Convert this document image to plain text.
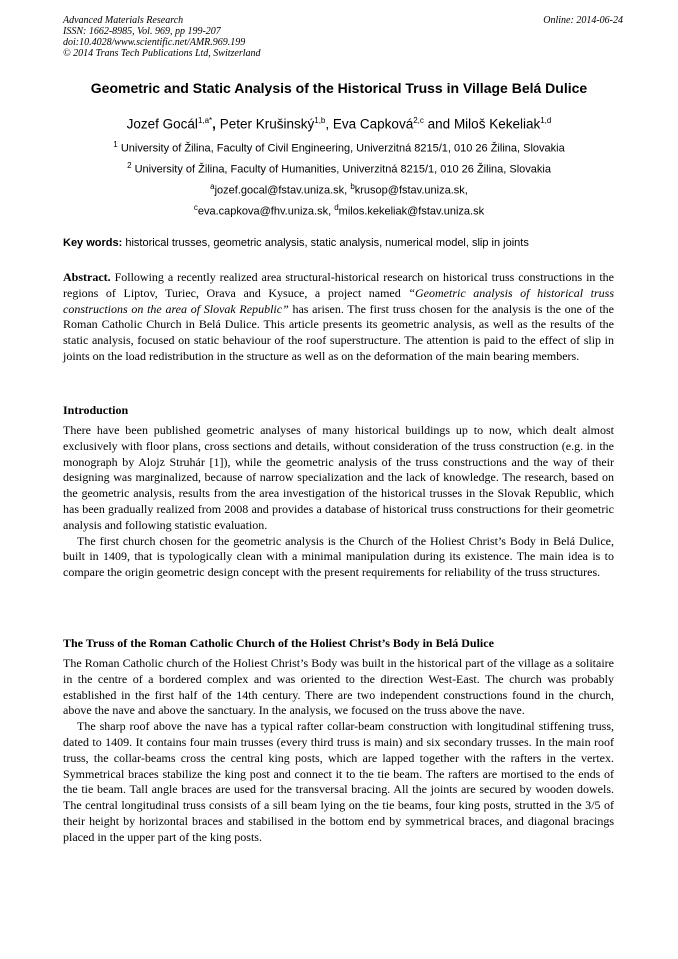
Advanced Materials Research
ISSN: 1662-8985, Vol. 969, pp 199-207
doi:10.4028/www.scientific.net/AMR.969.199
© 2014 Trans Tech Publications Ltd, Switzerland
Online: 2014-06-24
Geometric and Static Analysis of the Historical Truss in Village Belá Dulice
Jozef Gocál$^{1,a*}$, Peter Krušinský$^{1,b}$, Eva Capková$^{2,c}$ and Miloš Kekeliak$^{1,d}$
$^1$ University of Žilina, Faculty of Civil Engineering, Univerzitná 8215/1, 010 26 Žilina, Slovakia
$^2$ University of Žilina, Faculty of Humanities, Univerzitná 8215/1, 010 26 Žilina, Slovakia
$^a$jozef.gocal@fstav.uniza.sk, $^b$krusop@fstav.uniza.sk,
$^c$eva.capkova@fhv.uniza.sk, $^d$milos.kekeliak@fstav.uniza.sk
Key words: historical trusses, geometric analysis, static analysis, numerical model, slip in joints

Abstract. Following a recently realized area structural-historical research on historical truss constructions in the regions of Liptov, Turiec, Orava and Kysuce, a project named “Geometric analysis of historical truss constructions on the area of Slovak Republic” has arisen. The first truss chosen for the analysis is the one of the Roman Catholic Church in Belá Dulice. This article presents its geometric analysis, as well as the results of the static analysis, focused on static behaviour of the roof superstructure. The attention is paid to the effect of slip in joints on the load redistribution in the structure as well as on the deformation of the main bearing members.

Introduction

There have been published geometric analyses of many historical buildings up to now, which dealt almost exclusively with floor plans, cross sections and details, without consideration of the truss construction (e.g. in the monograph by Alojz Struhár [1]), while the geometric analysis of the truss constructions and the way of their designing was marginalized, because of narrow specialization and the lack of knowledge. The research, based on the geometric analysis, results from the area investigation of the historical trusses in the Slovak Republic, which has been gradually realized from 2008 and provides a database of historical truss constructions for their geometric analysis and following statistic evaluation.

The first church chosen for the geometric analysis is the Church of the Holiest Christ’s Body in Belá Dulice, built in 1409, that is typologically clean with a minimal manipulation during its existence. The main idea is to compare the origin geometric design concept with the present requirements for reliability of the truss structures.

The Truss of the Roman Catholic Church of the Holiest Christ’s Body in Belá Dulice

The Roman Catholic church of the Holiest Christ’s Body was built in the historical part of the village as a solitaire in the centre of a bordered complex and was oriented to the direction West-East. The church was probably established in the first half of the 14th century. There are two independent constructions found in the church, above the nave and above the sanctuary. In the analysis, we focused on the truss above the nave.

The sharp roof above the nave has a typical rafter collar-beam construction with longitudinal stiffening truss, dated to 1409. It contains four main trusses (every third truss is main) and six secondary trusses. In the main roof truss, the collar-beams cross the central king posts, which are lapped together with the rafters in the vertex. Symmetrical braces stabilize the king post and connect it to the tie beam. The rafters are mortised to the ends of the tie beam. Tall angle braces are used for the transversal bracing. All the joints are secured by wooden dowels. The central longitudinal truss consists of a sill beam lying on the tie beams, four king posts, strutted in the 3/5 of their height by horizontal braces and stabilised in the bottom end by symmetrical braces, and diagonal bracings placed in the upper part of the king posts.
